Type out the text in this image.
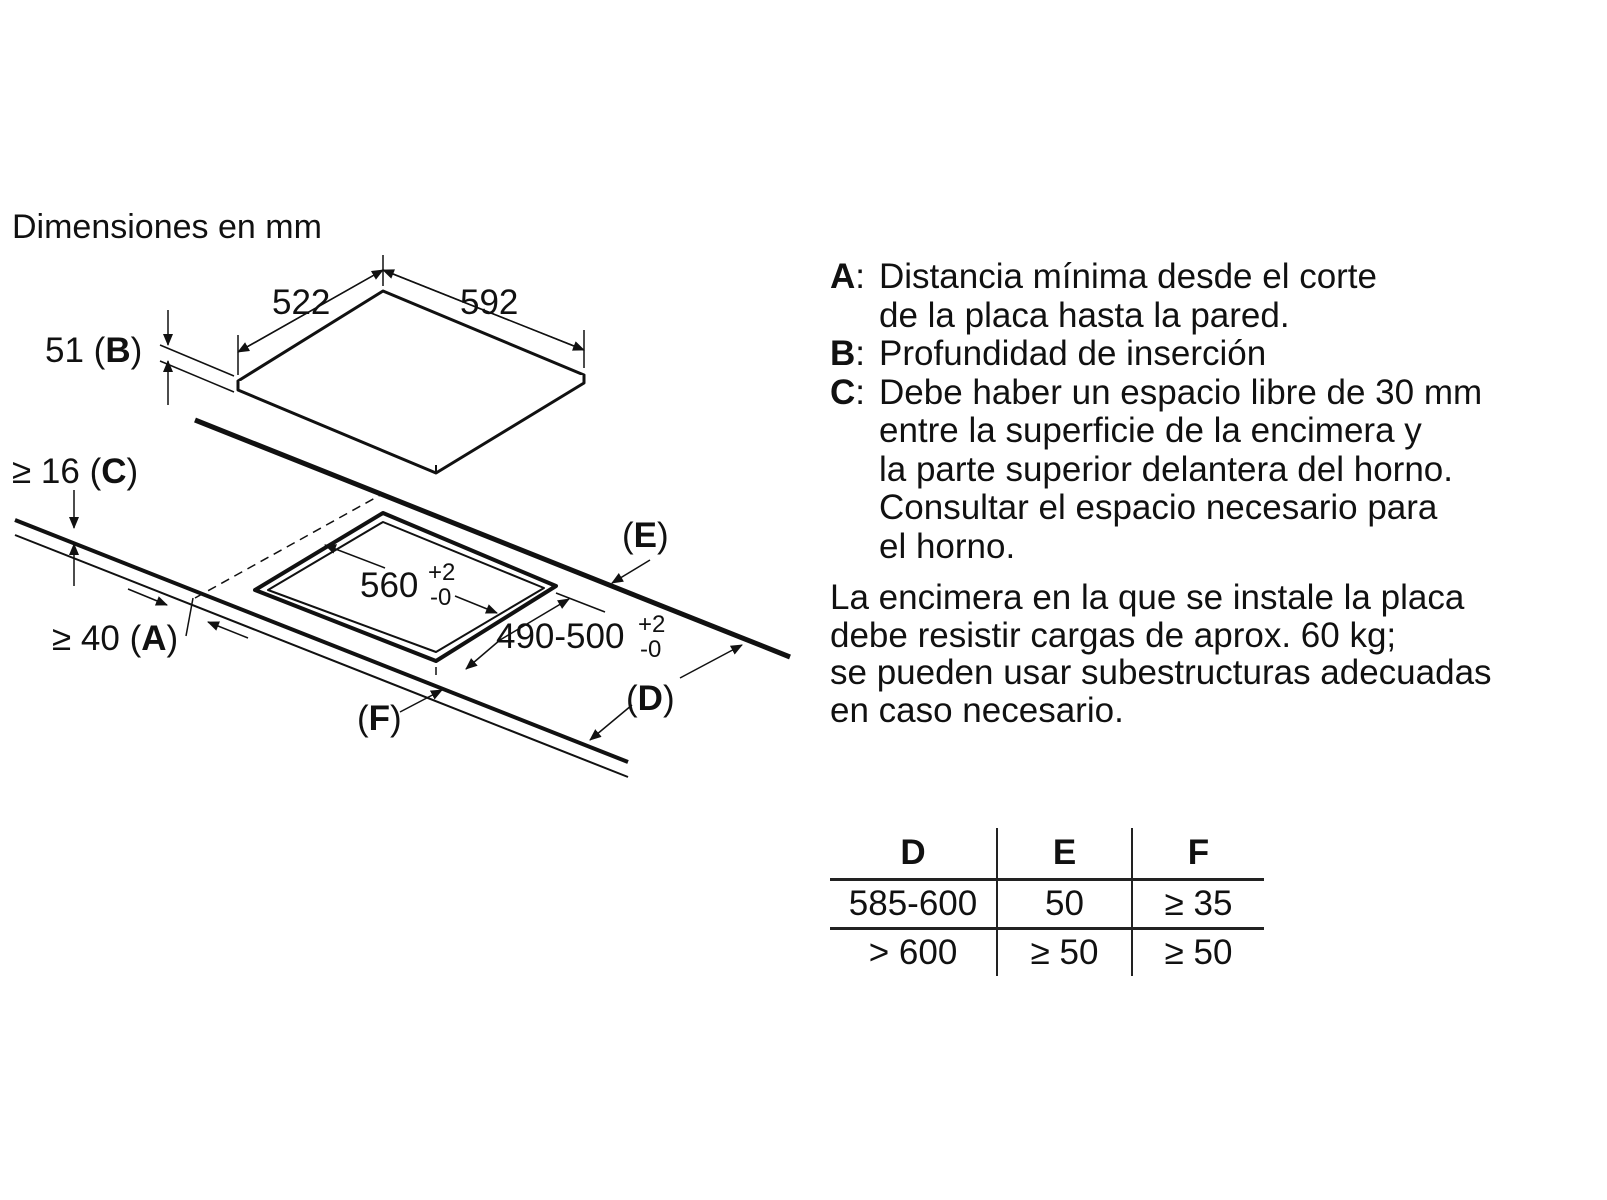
Dimensiones en mm
592
522
51 (B)
560 +2
-0
490-500 +2
-0
≥ 16 (C)
≥ 40 (A)
(E)
(D)
(F)
A: Distancia mínima desde el corte
de la placa hasta la pared.
B: Profundidad de inserción
C: Debe haber un espacio libre de 30 mm
entre la superficie de la encimera y
la parte superior delantera del horno.
Consultar el espacio necesario para
el horno.
La encimera en la que se instale la placa
debe resistir cargas de aprox. 60 kg;
se pueden usar subestructuras adecuadas
en caso necesario.
D	E	F
585-600	50	≥ 35
> 600	≥ 50	≥ 50
